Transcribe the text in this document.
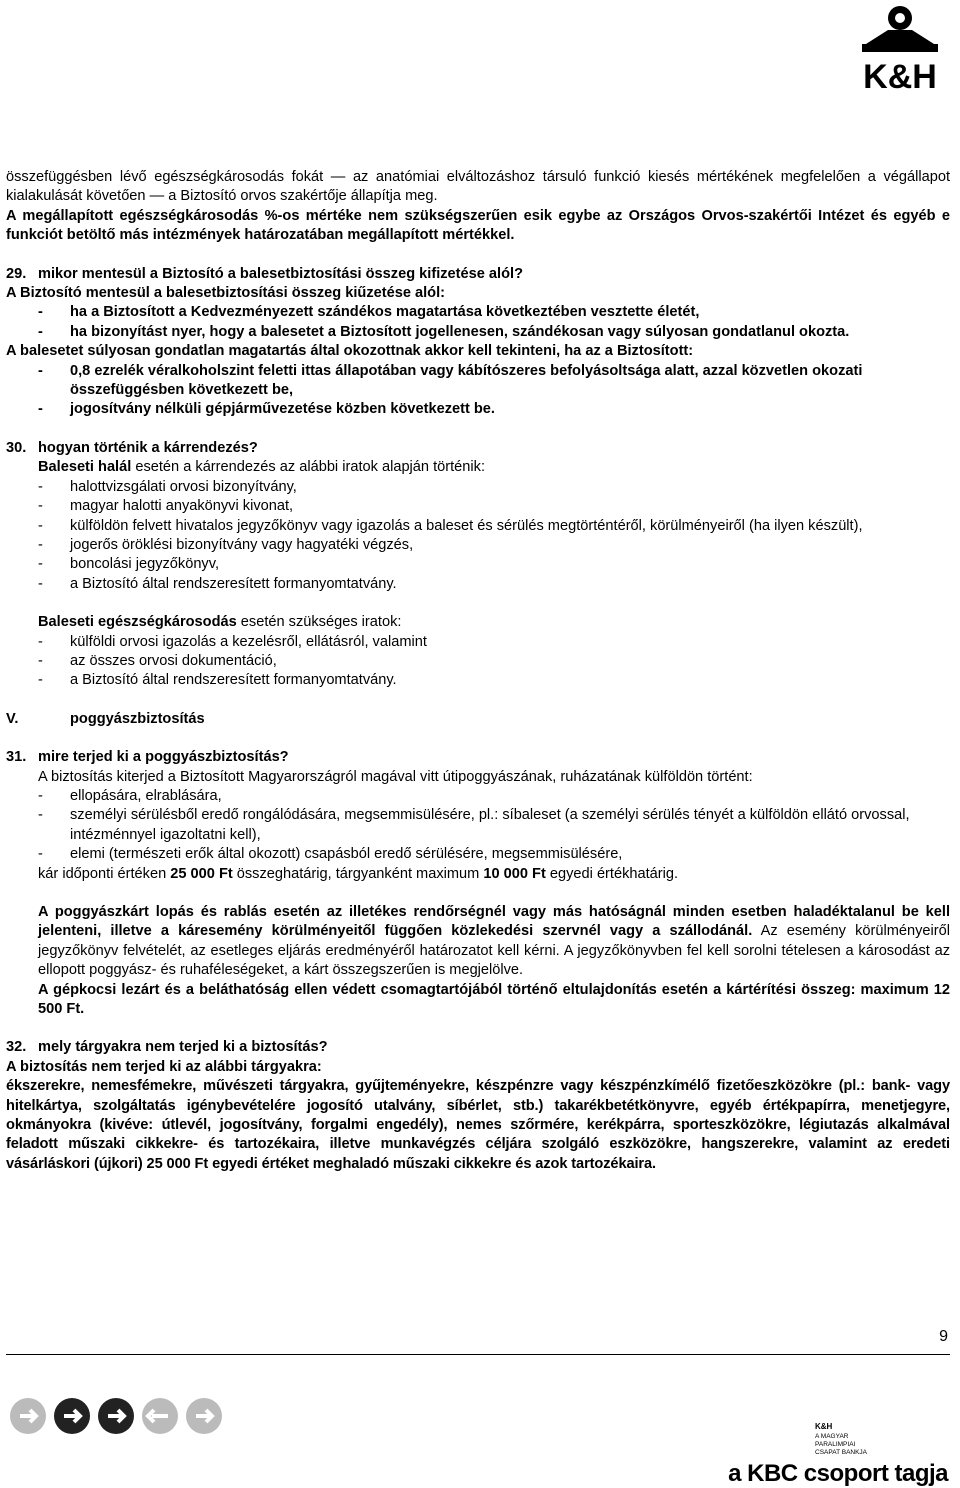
K&H

összefüggésben lévő egészségkárosodás fokát — az anatómiai elváltozáshoz társuló funkció kiesés mértékének megfelelően a végállapot kialakulását követően — a Biztosító orvos szakértője állapítja meg.

A megállapított egészségkárosodás %-os mértéke nem szükségszerűen esik egybe az Országos Orvos-szakértői Intézet és egyéb e funkciót betöltő más intézmények határozatában megállapított mértékkel.

29. mikor mentesül a Biztosító a balesetbiztosítási összeg kifizetése alól?

A Biztosító mentesül a balesetbiztosítási összeg kiűzetése alól:

- ha a Biztosított a Kedvezményezett szándékos magatartása következtében vesztette életét,
- ha bizonyítást nyer, hogy a balesetet a Biztosított jogellenesen, szándékosan vagy súlyosan gondatlanul okozta.

A balesetet súlyosan gondatlan magatartás által okozottnak akkor kell tekinteni, ha az a Biztosított:

- 0,8 ezrelék véralkoholszint feletti ittas állapotában vagy kábítószeres befolyásoltsága alatt, azzal közvetlen okozati összefüggésben következett be,
- jogosítvány nélküli gépjárművezetése közben következett be.
30. hogyan történik a kárrendezés?

Baleseti halál esetén a kárrendezés az alábbi iratok alapján történik:

- halottvizsgálati orvosi bizonyítvány,
- magyar halotti anyakönyvi kivonat,
- külföldön felvett hivatalos jegyzőkönyv vagy igazolás a baleset és sérülés megtörténtéről, körülményeiről (ha ilyen készült),
- jogerős öröklési bizonyítvány vagy hagyatéki végzés,
- boncolási jegyzőkönyv,
- a Biztosító által rendszeresített formanyomtatvány.

Baleseti egészségkárosodás esetén szükséges iratok:

- külföldi orvosi igazolás a kezelésről, ellátásról, valamint
- az összes orvosi dokumentáció,
- a Biztosító által rendszeresített formanyomtatvány.
V.	poggyászbiztosítás
31. mire terjed ki a poggyászbiztosítás?

A biztosítás kiterjed a Biztosított Magyarországról magával vitt útipoggyászának, ruházatának külföldön történt:

- ellopására, elrablására,
- személyi sérülésből eredő rongálódására, megsemmisülésére, pl.: síbaleset (a személyi sérülés tényét a külföldön ellátó orvossal, intézménnyel igazoltatni kell),
- elemi (természeti erők által okozott) csapásból eredő sérülésére, megsemmisülésére,

kár időponti értéken 25 000 Ft összeghatárig, tárgyanként maximum 10 000 Ft egyedi értékhatárig.

A poggyászkárt lopás és rablás esetén az illetékes rendőrségnél vagy más hatóságnál minden esetben haladéktalanul be kell jelenteni, illetve a káresemény körülményeitől függően közlekedési szervnél vagy a szállodánál. Az esemény körülményeiről jegyzőkönyv felvételét, az esetleges eljárás eredményéről határozatot kell kérni. A jegyzőkönyvben fel kell sorolni tételesen a károsodást az ellopott poggyász- és ruhaféleségeket, a kárt összegszerűen is megjelölve.

A gépkocsi lezárt és a beláthatóság ellen védett csomagtartójából történő eltulajdonítás esetén a kártérítési összeg: maximum 12 500 Ft.

32. mely tárgyakra nem terjed ki a biztosítás?

A biztosítás nem terjed ki az alábbi tárgyakra:

ékszerekre, nemesfémekre, művészeti tárgyakra, gyűjteményekre, készpénzre vagy készpénzkímélő fizetőeszközökre (pl.: bank- vagy hitelkártya, szolgáltatás igénybevételére jogosító utalvány, síbérlet, stb.) takarékbetétkönyvre, egyéb értékpapírra, menetjegyre, okmányokra (kivéve: útlevél, jogosítvány, forgalmi engedély), nemes szőrmére, kerékpárra, sporteszközökre, légiutazás alkalmával feladott műszaki cikkekre- és tartozékaira, illetve munkavégzés céljára szolgáló eszközökre, hangszerekre, valamint az eredeti vásárláskori (újkori) 25 000 Ft egyedi értéket meghaladó műszaki cikkekre és azok tartozékaira.

9
K&H
A MAGYAR
PARALIMPIAI
CSAPAT BANKJA
a KBC csoport tagja
